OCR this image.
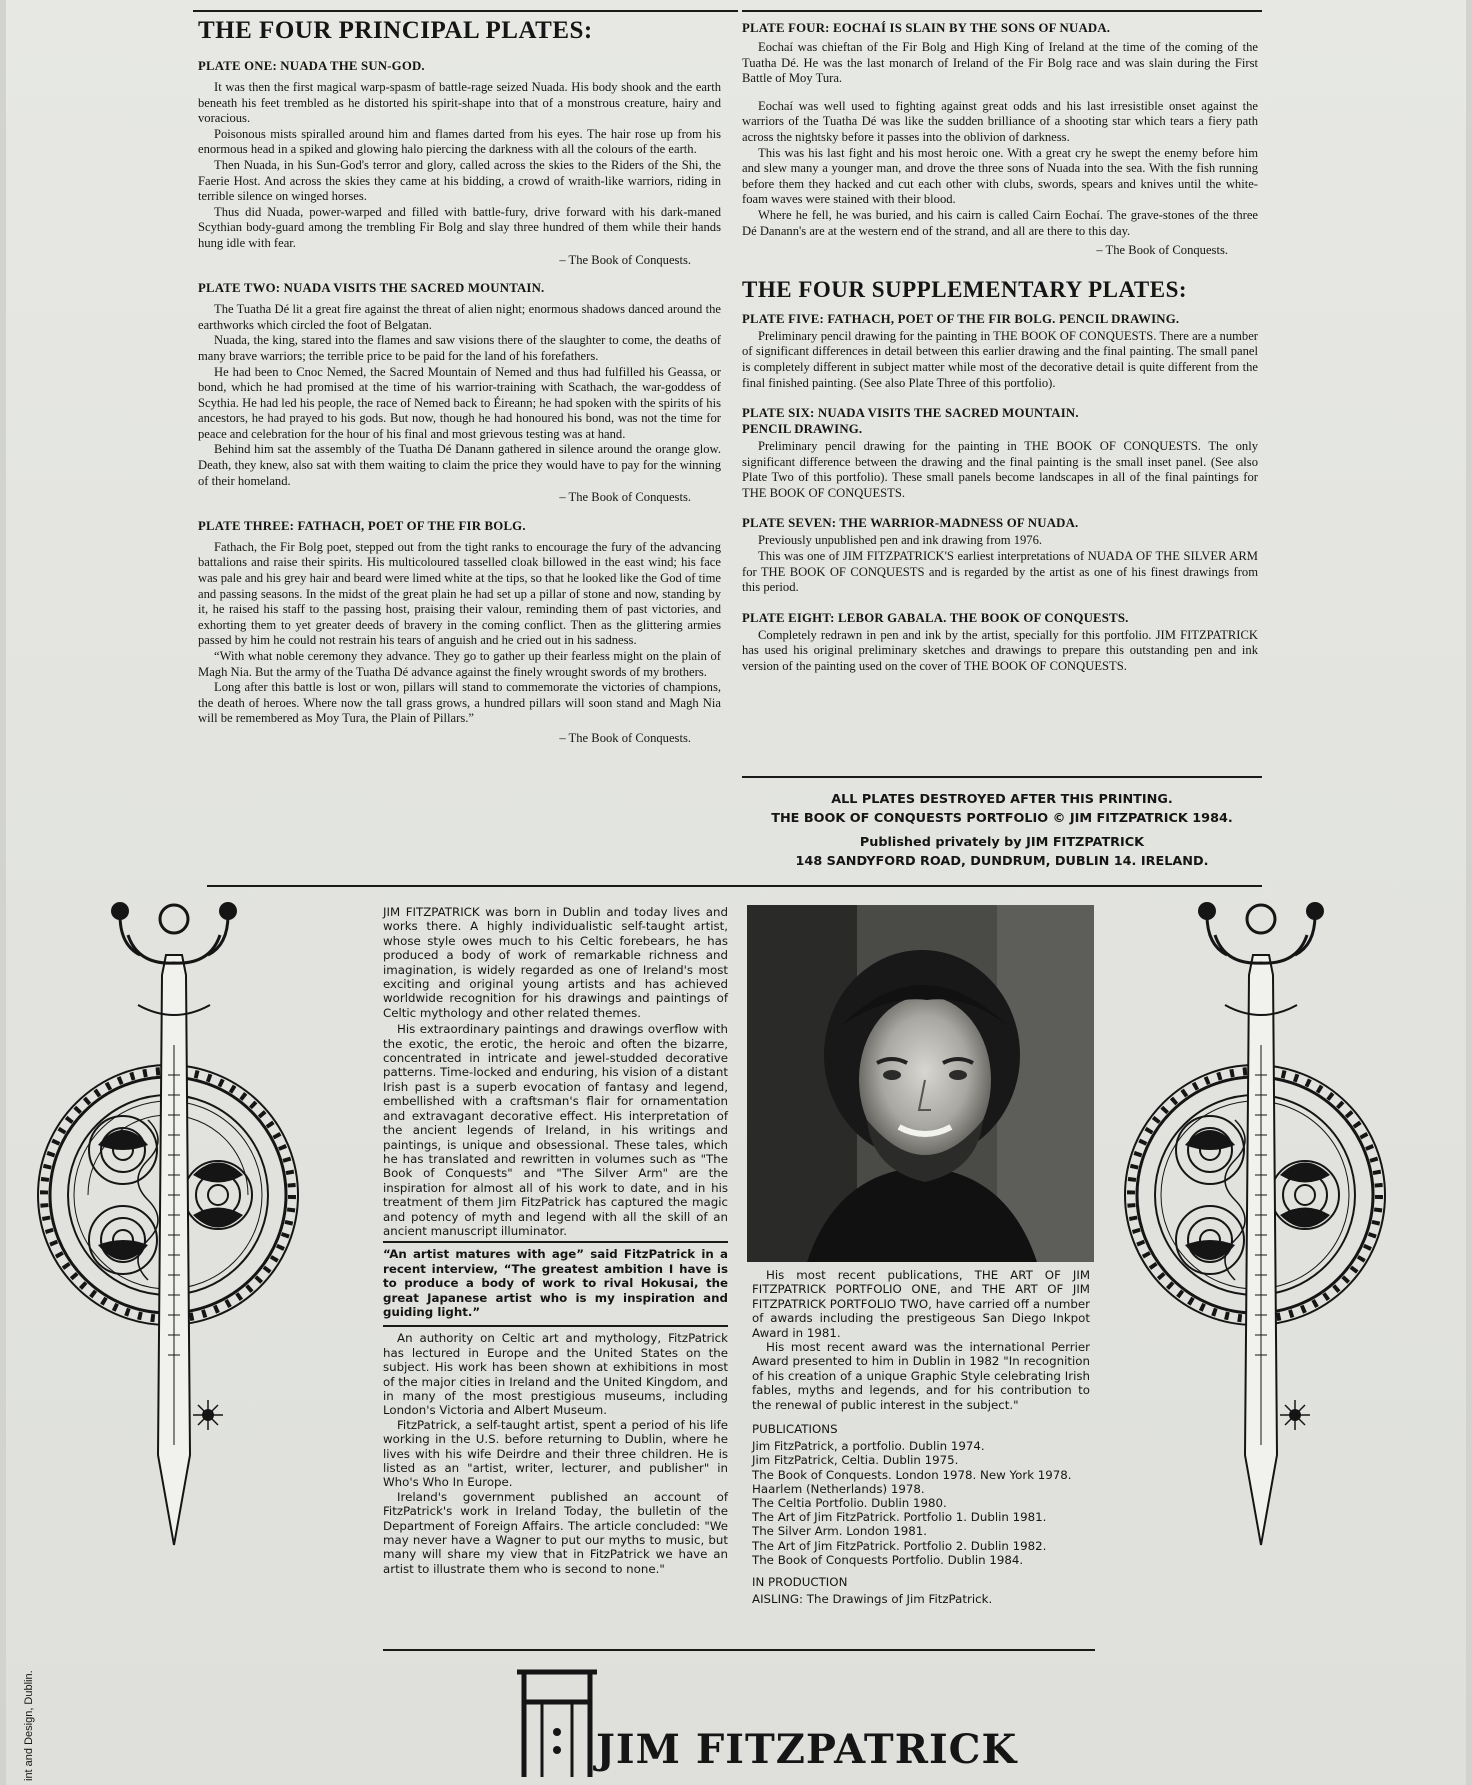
THE FOUR PRINCIPAL PLATES:
PLATE ONE: NUADA THE SUN-GOD.

It was then the first magical warp-spasm of battle-rage seized Nuada. His body shook and the earth beneath his feet trembled as he distorted his spirit-shape into that of a monstrous creature, hairy and voracious.

Poisonous mists spiralled around him and flames darted from his eyes. The hair rose up from his enormous head in a spiked and glowing halo piercing the darkness with all the colours of the earth.

Then Nuada, in his Sun-God's terror and glory, called across the skies to the Riders of the Shi, the Faerie Host. And across the skies they came at his bidding, a crowd of wraith-like warriors, riding in terrible silence on winged horses.

Thus did Nuada, power-warped and filled with battle-fury, drive forward with his dark-maned Scythian body-guard among the trembling Fir Bolg and slay three hundred of them while their hands hung idle with fear.

– The Book of Conquests.

PLATE TWO: NUADA VISITS THE SACRED MOUNTAIN.

The Tuatha Dé lit a great fire against the threat of alien night; enormous shadows danced around the earthworks which circled the foot of Belgatan.

Nuada, the king, stared into the flames and saw visions there of the slaughter to come, the deaths of many brave warriors; the terrible price to be paid for the land of his forefathers.

He had been to Cnoc Nemed, the Sacred Mountain of Nemed and thus had fulfilled his Geassa, or bond, which he had promised at the time of his warrior-training with Scathach, the war-goddess of Scythia. He had led his people, the race of Nemed back to Éireann; he had spoken with the spirits of his ancestors, he had prayed to his gods. But now, though he had honoured his bond, was not the time for peace and celebration for the hour of his final and most grievous testing was at hand.

Behind him sat the assembly of the Tuatha Dé Danann gathered in silence around the orange glow. Death, they knew, also sat with them waiting to claim the price they would have to pay for the winning of their homeland.

– The Book of Conquests.

PLATE THREE: FATHACH, POET OF THE FIR BOLG.

Fathach, the Fir Bolg poet, stepped out from the tight ranks to encourage the fury of the advancing battalions and raise their spirits. His multicoloured tasselled cloak billowed in the east wind; his face was pale and his grey hair and beard were limed white at the tips, so that he looked like the God of time and passing seasons. In the midst of the great plain he had set up a pillar of stone and now, standing by it, he raised his staff to the passing host, praising their valour, reminding them of past victories, and exhorting them to yet greater deeds of bravery in the coming conflict. Then as the glittering armies passed by him he could not restrain his tears of anguish and he cried out in his sadness.

“With what noble ceremony they advance. They go to gather up their fearless might on the plain of Magh Nia. But the army of the Tuatha Dé advance against the finely wrought swords of my brothers.

Long after this battle is lost or won, pillars will stand to commemorate the victories of champions, the death of heroes. Where now the tall grass grows, a hundred pillars will soon stand and Magh Nia will be remembered as Moy Tura, the Plain of Pillars.”

– The Book of Conquests.

PLATE FOUR: EOCHAÍ IS SLAIN BY THE SONS OF NUADA.

Eochaí was chieftan of the Fir Bolg and High King of Ireland at the time of the coming of the Tuatha Dé. He was the last monarch of Ireland of the Fir Bolg race and was slain during the First Battle of Moy Tura.

Eochaí was well used to fighting against great odds and his last irresistible onset against the warriors of the Tuatha Dé was like the sudden brilliance of a shooting star which tears a fiery path across the nightsky before it passes into the oblivion of darkness.

This was his last fight and his most heroic one. With a great cry he swept the enemy before him and slew many a younger man, and drove the three sons of Nuada into the sea. With the fish running before them they hacked and cut each other with clubs, swords, spears and knives until the white-foam waves were stained with their blood.

Where he fell, he was buried, and his cairn is called Cairn Eochaí. The grave-stones of the three Dé Danann's are at the western end of the strand, and all are there to this day.

– The Book of Conquests.

THE FOUR SUPPLEMENTARY PLATES:
PLATE FIVE: FATHACH, POET OF THE FIR BOLG. PENCIL DRAWING.

Preliminary pencil drawing for the painting in THE BOOK OF CONQUESTS. There are a number of significant differences in detail between this earlier drawing and the final painting. The small panel is completely different in subject matter while most of the decorative detail is quite different from the final finished painting. (See also Plate Three of this portfolio).

PLATE SIX: NUADA VISITS THE SACRED MOUNTAIN.
PENCIL DRAWING.

Preliminary pencil drawing for the painting in THE BOOK OF CONQUESTS. The only significant difference between the drawing and the final painting is the small inset panel. (See also Plate Two of this portfolio). These small panels become landscapes in all of the final paintings for THE BOOK OF CONQUESTS.

PLATE SEVEN: THE WARRIOR-MADNESS OF NUADA.

Previously unpublished pen and ink drawing from 1976.

This was one of JIM FITZPATRICK'S earliest interpretations of NUADA OF THE SILVER ARM for THE BOOK OF CONQUESTS and is regarded by the artist as one of his finest drawings from this period.

PLATE EIGHT: LEBOR GABALA. THE BOOK OF CONQUESTS.

Completely redrawn in pen and ink by the artist, specially for this portfolio. JIM FITZPATRICK has used his original preliminary sketches and drawings to prepare this outstanding pen and ink version of the painting used on the cover of THE BOOK OF CONQUESTS.

ALL PLATES DESTROYED AFTER THIS PRINTING.
THE BOOK OF CONQUESTS PORTFOLIO © JIM FITZPATRICK 1984.
Published privately by JIM FITZPATRICK
148 SANDYFORD ROAD, DUNDRUM, DUBLIN 14. IRELAND.

JIM FITZPATRICK was born in Dublin and today lives and works there. A highly individualistic self-taught artist, whose style owes much to his Celtic forebears, he has produced a body of work of remarkable richness and imagination, is widely regarded as one of Ireland's most exciting and original young artists and has achieved worldwide recognition for his drawings and paintings of Celtic mythology and other related themes.

His extraordinary paintings and drawings overflow with the exotic, the erotic, the heroic and often the bizarre, concentrated in intricate and jewel-studded decorative patterns. Time-locked and enduring, his vision of a distant Irish past is a superb evocation of fantasy and legend, embellished with a craftsman's flair for ornamentation and extravagant decorative effect. His interpretation of the ancient legends of Ireland, in his writings and paintings, is unique and obsessional. These tales, which he has translated and rewritten in volumes such as "The Book of Conquests" and "The Silver Arm" are the inspiration for almost all of his work to date, and in his treatment of them Jim FitzPatrick has captured the magic and potency of myth and legend with all the skill of an ancient manuscript illuminator.

“An artist matures with age” said FitzPatrick in a recent interview, “The greatest ambition I have is to produce a body of work to rival Hokusai, the great Japanese artist who is my inspiration and guiding light.”

An authority on Celtic art and mythology, FitzPatrick has lectured in Europe and the United States on the subject. His work has been shown at exhibitions in most of the major cities in Ireland and the United Kingdom, and in many of the most prestigious museums, including London's Victoria and Albert Museum.

FitzPatrick, a self-taught artist, spent a period of his life working in the U.S. before returning to Dublin, where he lives with his wife Deirdre and their three children. He is listed as an "artist, writer, lecturer, and publisher" in Who's Who In Europe.

Ireland's government published an account of FitzPatrick's work in Ireland Today, the bulletin of the Department of Foreign Affairs. The article concluded: "We may never have a Wagner to put our myths to music, but many will share my view that in FitzPatrick we have an artist to illustrate them who is second to none."

His most recent publications, THE ART OF JIM FITZPATRICK PORTFOLIO ONE, and THE ART OF JIM FITZPATRICK PORTFOLIO TWO, have carried off a number of awards including the prestigeous San Diego Inkpot Award in 1981.

His most recent award was the international Perrier Award presented to him in Dublin in 1982 "In recognition of his creation of a unique Graphic Style celebrating Irish fables, myths and legends, and for his contribution to the renewal of public interest in the subject."

PUBLICATIONS
Jim FitzPatrick, a portfolio. Dublin 1974.
Jim FitzPatrick, Celtia. Dublin 1975.
The Book of Conquests. London 1978. New York 1978.
Haarlem (Netherlands) 1978.
The Celtia Portfolio. Dublin 1980.
The Art of Jim FitzPatrick. Portfolio 1. Dublin 1981.
The Silver Arm. London 1981.
The Art of Jim FitzPatrick. Portfolio 2. Dublin 1982.
The Book of Conquests Portfolio. Dublin 1984.
IN PRODUCTION
AISLING: The Drawings of Jim FitzPatrick.
JIM FITZPATRICK
int and Design, Dublin.
